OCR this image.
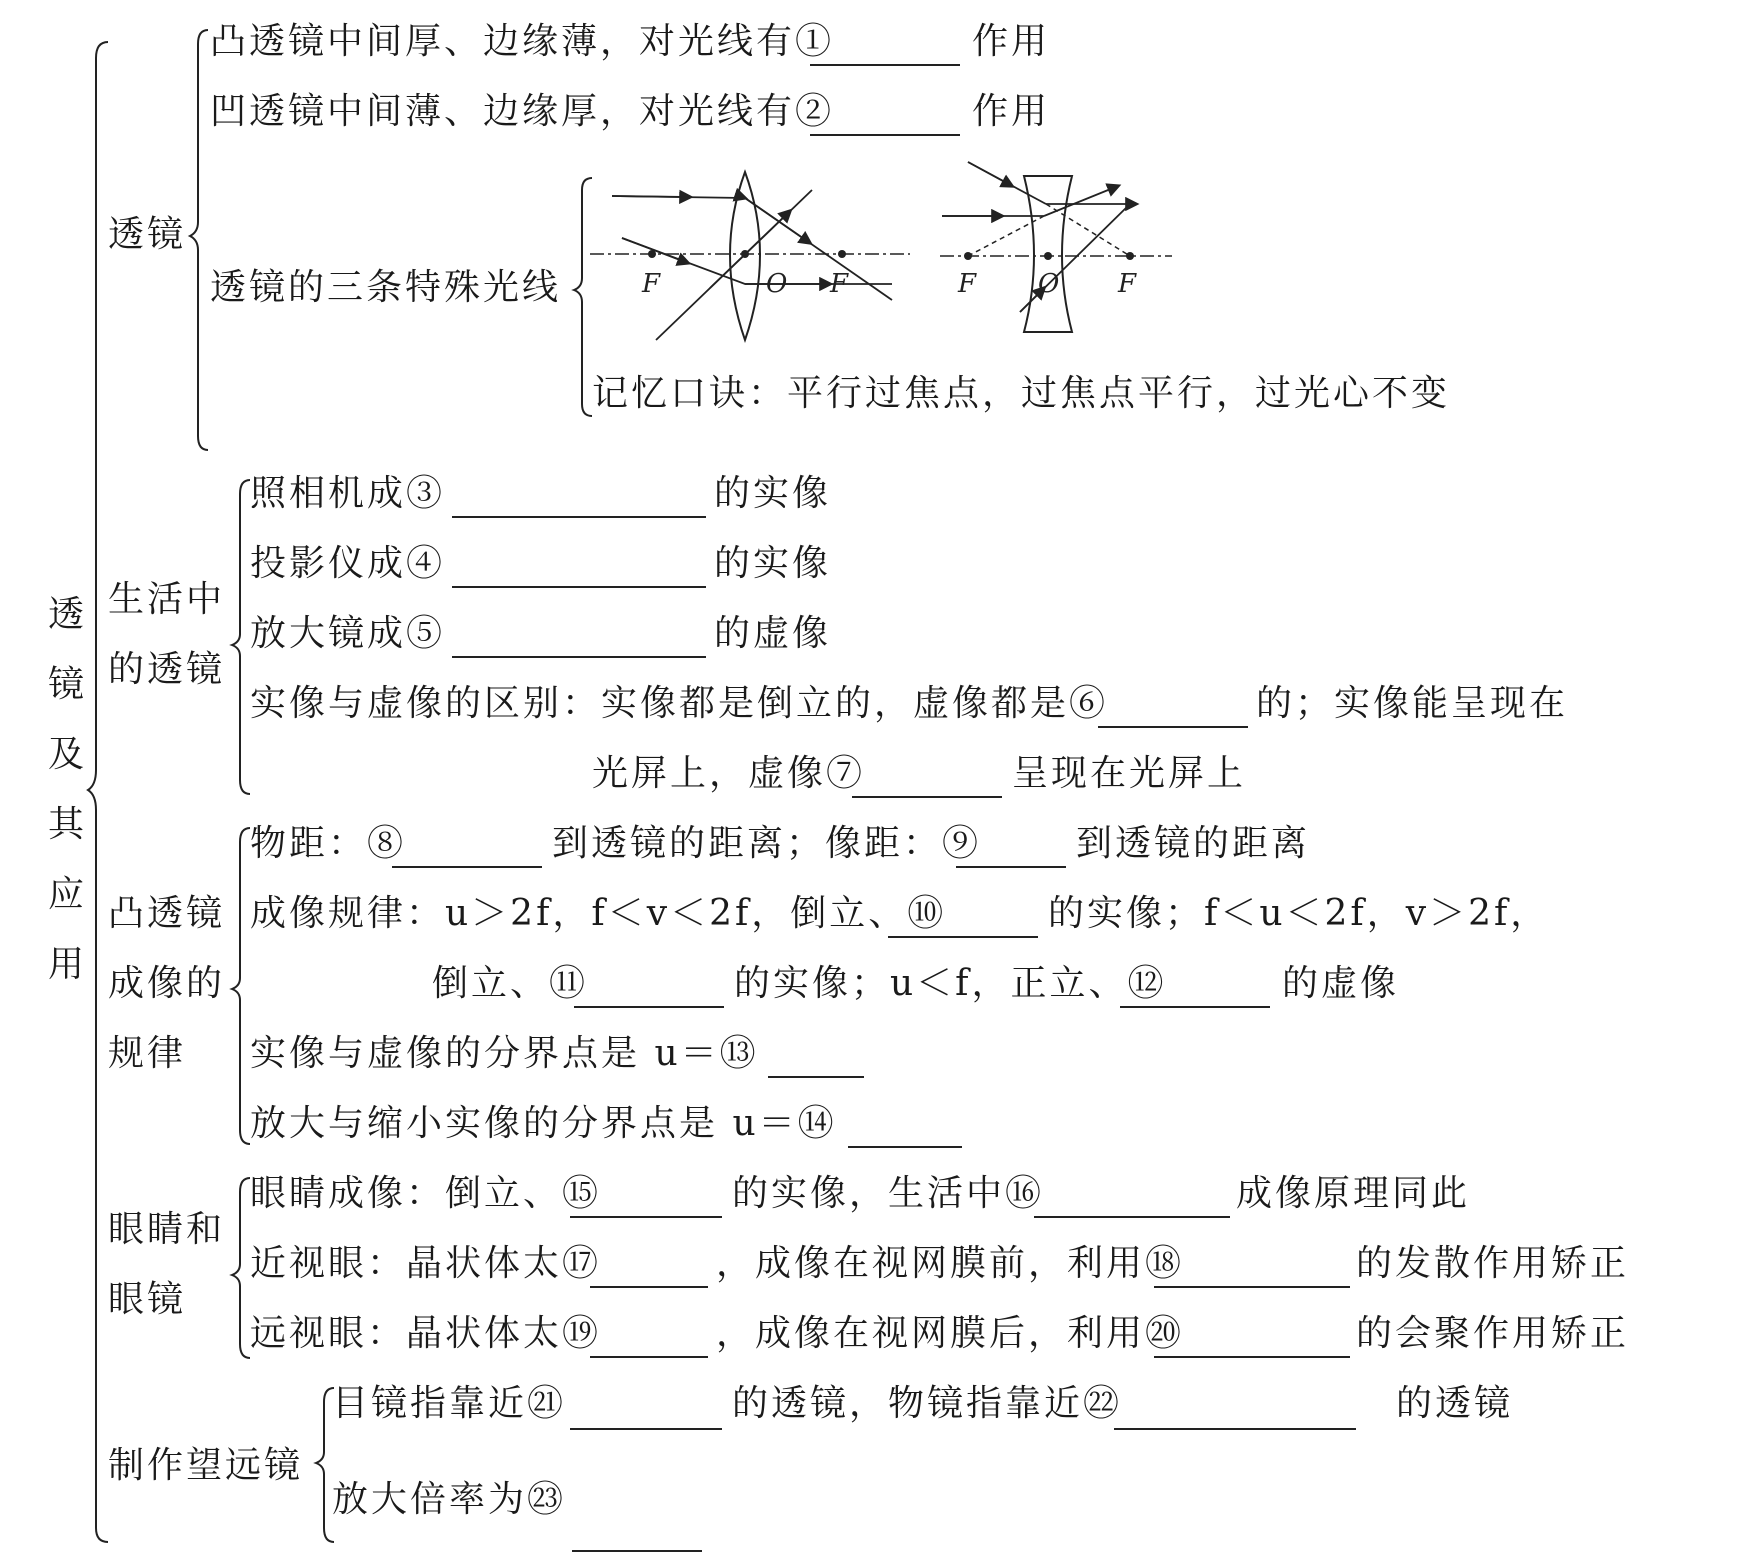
透
镜
及
其
应
用
透镜
凸透镜中间厚、边缘薄，对光线有①	作用
凹透镜中间薄、边缘厚，对光线有②	作用
透镜的三条特殊光线	F	O F	F O F
记忆口诀：平行过焦点，过焦点平行，过光心不变
生活中
的透镜
照相机成③	的实像
投影仪成④	的实像
放大镜成⑤	的虚像
实像与虚像的区别：实像都是倒立的，虚像都是⑥	的；实像能呈现在
光屏上，虚像⑦	呈现在光屏上
凸透镜
成像的
规律
物距：⑧	到透镜的距离；像距：⑨	到透镜的距离
成像规律：u＞2f，f＜v＜2f，倒立、⑩	的实像；f＜u＜2f，v＞2f，
倒立、⑪	的实像；u＜f，正立、⑫	的虚像
实像与虚像的分界点是 u＝⑬
放大与缩小实像的分界点是 u＝⑭
眼睛和
眼镜
眼睛成像：倒立、⑮	的实像，生活中⑯	成像原理同此
近视眼：晶状体太⑰	，成像在视网膜前，利用⑱	的发散作用矫正
远视眼：晶状体太⑲	，成像在视网膜后，利用⑳	的会聚作用矫正
制作望远镜
目镜指靠近㉑	的透镜，物镜指靠近㉒	的透镜
放大倍率为㉓
